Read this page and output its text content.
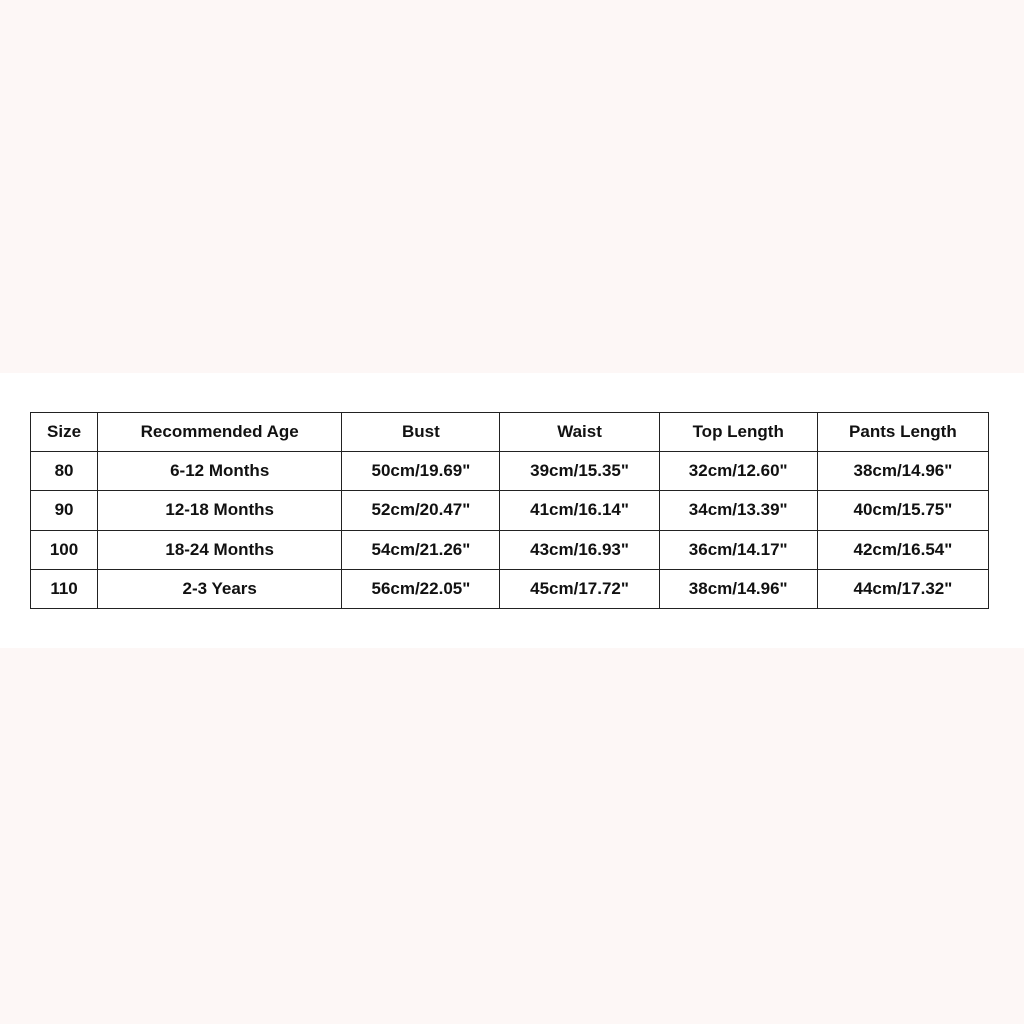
Size	Recommended Age	Bust	Waist	Top Length	Pants Length
80	6-12 Months	50cm/19.69"	39cm/15.35"	32cm/12.60"	38cm/14.96"
90	12-18 Months	52cm/20.47"	41cm/16.14"	34cm/13.39"	40cm/15.75"
100	18-24 Months	54cm/21.26"	43cm/16.93"	36cm/14.17"	42cm/16.54"
110	2-3 Years	56cm/22.05"	45cm/17.72"	38cm/14.96"	44cm/17.32"
